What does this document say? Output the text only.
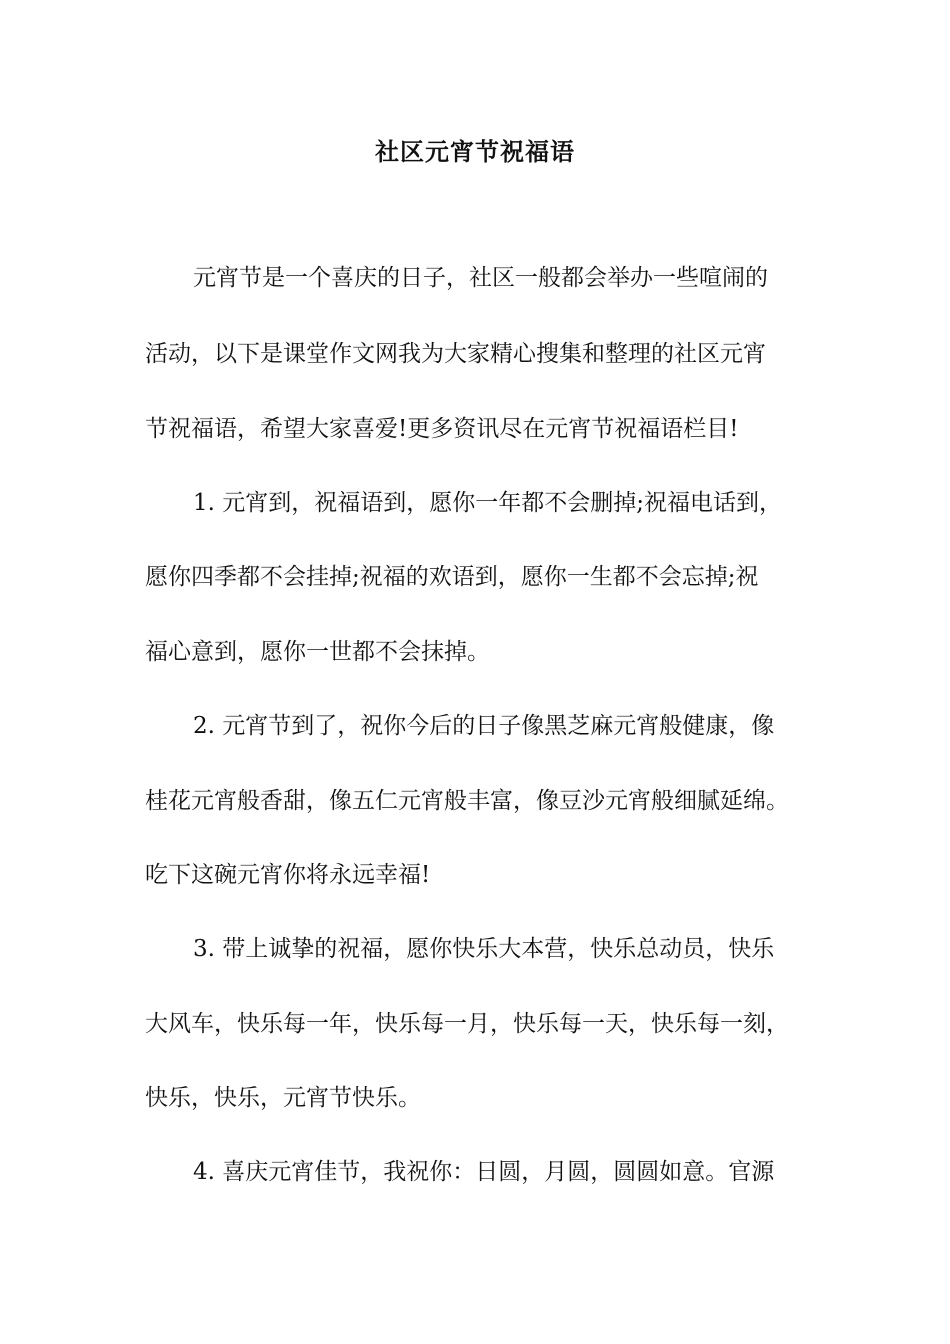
社区元宵节祝福语
元宵节是一个喜庆的日子，社区一般都会举办一些喧闹的
活动，以下是课堂作文网我为大家精心搜集和整理的社区元宵
节祝福语，希望大家喜爱!更多资讯尽在元宵节祝福语栏目!
1. 元宵到，祝福语到，愿你一年都不会删掉;祝福电话到，
愿你四季都不会挂掉;祝福的欢语到，愿你一生都不会忘掉;祝
福心意到，愿你一世都不会抹掉。
2. 元宵节到了，祝你今后的日子像黑芝麻元宵般健康，像
桂花元宵般香甜，像五仁元宵般丰富，像豆沙元宵般细腻延绵。
吃下这碗元宵你将永远幸福!
3. 带上诚挚的祝福，愿你快乐大本营，快乐总动员，快乐
大风车，快乐每一年，快乐每一月，快乐每一天，快乐每一刻，
快乐，快乐，元宵节快乐。
4. 喜庆元宵佳节，我祝你：日圆，月圆，圆圆如意。官源
